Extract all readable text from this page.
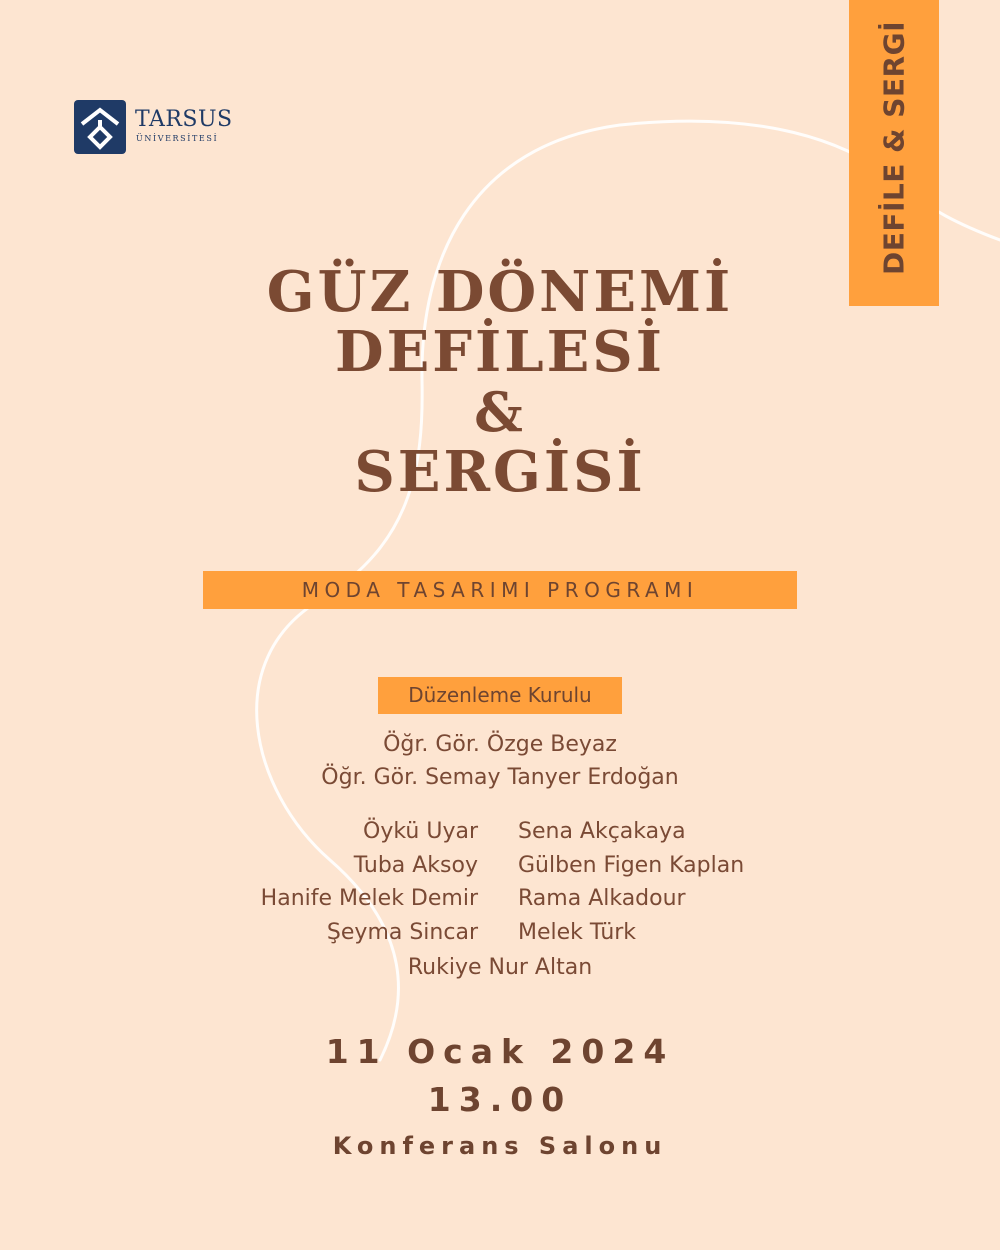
TARSUS
ÜNİVERSİTESİ	DEFİLE & SERGİ
GÜZ DÖNEMİ
DEFİLESİ
&
SERGİSİ
MODA TASARIMI PROGRAMI
Düzenleme Kurulu
Öğr. Gör. Özge Beyaz
Öğr. Gör. Semay Tanyer Erdoğan
Öykü Uyar
Tuba Aksoy
Hanife Melek Demir
Şeyma Sincar
Sena Akçakaya
Gülben Figen Kaplan
Rama Alkadour
Melek Türk
Rukiye Nur Altan
11 Ocak 2024
13.00
Konferans Salonu
